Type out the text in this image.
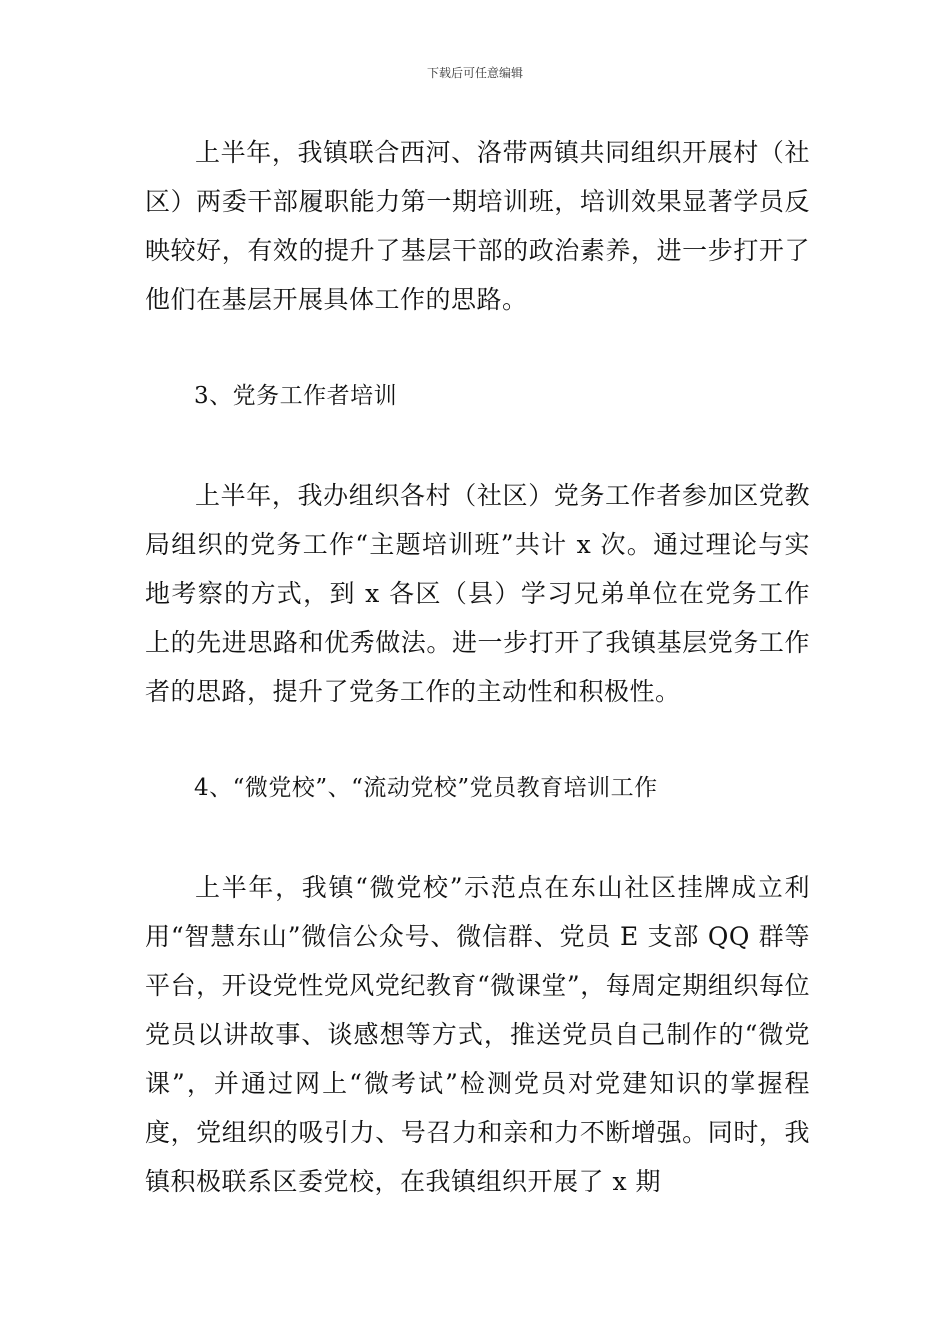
下载后可任意编辑

上半年，我镇联合西河、洛带两镇共同组织开展村（社区）两委干部履职能力第一期培训班，培训效果显著学员反映较好，有效的提升了基层干部的政治素养，进一步打开了他们在基层开展具体工作的思路。

3、党务工作者培训

上半年，我办组织各村（社区）党务工作者参加区党教局组织的党务工作“主题培训班”共计 x 次。通过理论与实地考察的方式，到 x 各区（县）学习兄弟单位在党务工作上的先进思路和优秀做法。进一步打开了我镇基层党务工作者的思路，提升了党务工作的主动性和积极性。

4、“微党校”、“流动党校”党员教育培训工作

上半年，我镇“微党校”示范点在东山社区挂牌成立利用“智慧东山”微信公众号、微信群、党员 E 支部 QQ 群等平台，开设党性党风党纪教育“微课堂”，每周定期组织每位党员以讲故事、谈感想等方式，推送党员自己制作的“微党课”，并通过网上“微考试”检测党员对党建知识的掌握程度，党组织的吸引力、号召力和亲和力不断增强。同时，我镇积极联系区委党校，在我镇组织开展了 x 期
